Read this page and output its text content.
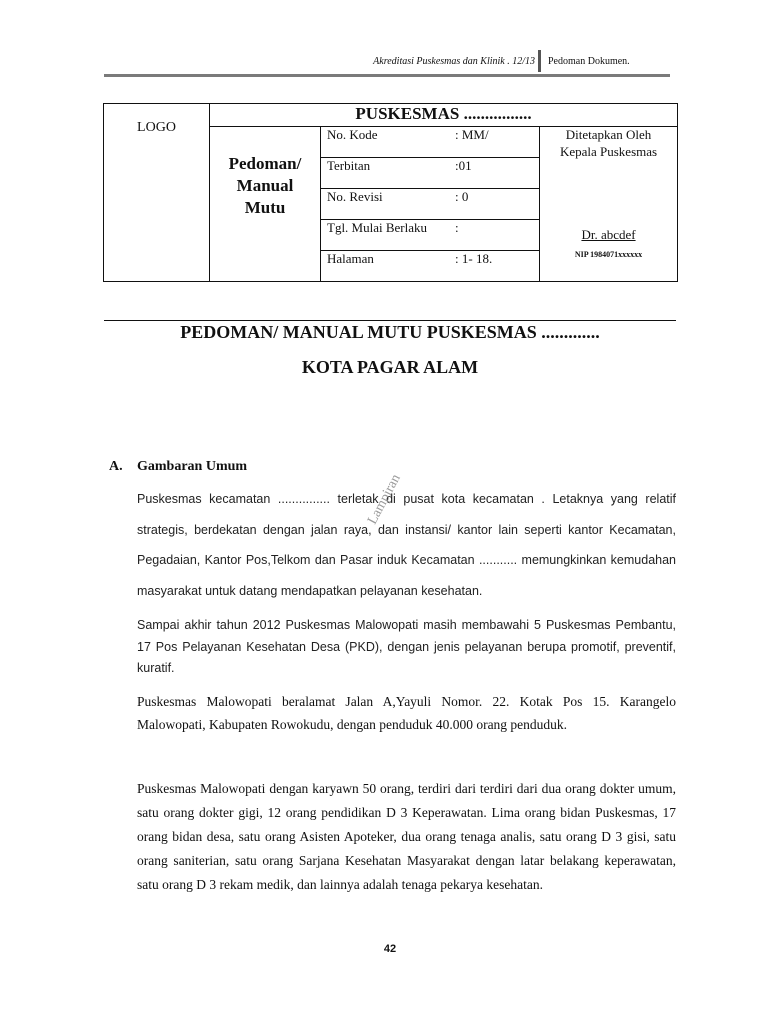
Akreditasi Puskesmas dan Klinik . 12/13 Pedoman Dokumen.
LOGO	PUSKESMAS ................		
	Pedoman/ Manual Mutu	No. Kode : MM/	Ditetapkan Oleh Kepala Puskesmas
Dr. abcdef
NIP 1984071xxxxxx

		Terbitan :01	
		No. Revisi : 0	
		Tgl. Mulai Berlaku :	
		Halaman : 1- 18.	
PEDOMAN/ MANUAL MUTU PUSKESMAS .............
KOTA PAGAR ALAM
A. Gambaran Umum
Puskesmas kecamatan ............... terletak di pusat kota kecamatan . Letaknya yang relatif strategis, berdekatan dengan jalan raya, dan instansi/ kantor lain seperti kantor Kecamatan, Pegadaian, Kantor Pos,Telkom dan Pasar induk Kecamatan ........... memungkinkan kemudahan masyarakat untuk datang mendapatkan pelayanan kesehatan.
Sampai akhir tahun 2012 Puskesmas Malowopati masih membawahi 5 Puskesmas Pembantu, 17 Pos Pelayanan Kesehatan Desa (PKD), dengan jenis pelayanan berupa promotif, preventif, kuratif.
Puskesmas Malowopati beralamat Jalan A,Yayuli Nomor. 22. Kotak Pos 15. Karangelo Malowopati, Kabupaten Rowokudu, dengan penduduk 40.000 orang penduduk.
Puskesmas Malowopati dengan karyawn 50 orang, terdiri dari terdiri dari dua orang dokter umum, satu orang dokter gigi, 12 orang pendidikan D 3 Keperawatan. Lima orang bidan Puskesmas, 17 orang bidan desa, satu orang Asisten Apoteker, dua orang tenaga analis, satu orang D 3 gisi, satu orang saniterian, satu orang Sarjana Kesehatan Masyarakat dengan latar belakang keperawatan, satu orang D 3 rekam medik, dan lainnya adalah tenaga pekarya kesehatan.
Lampiran
42
